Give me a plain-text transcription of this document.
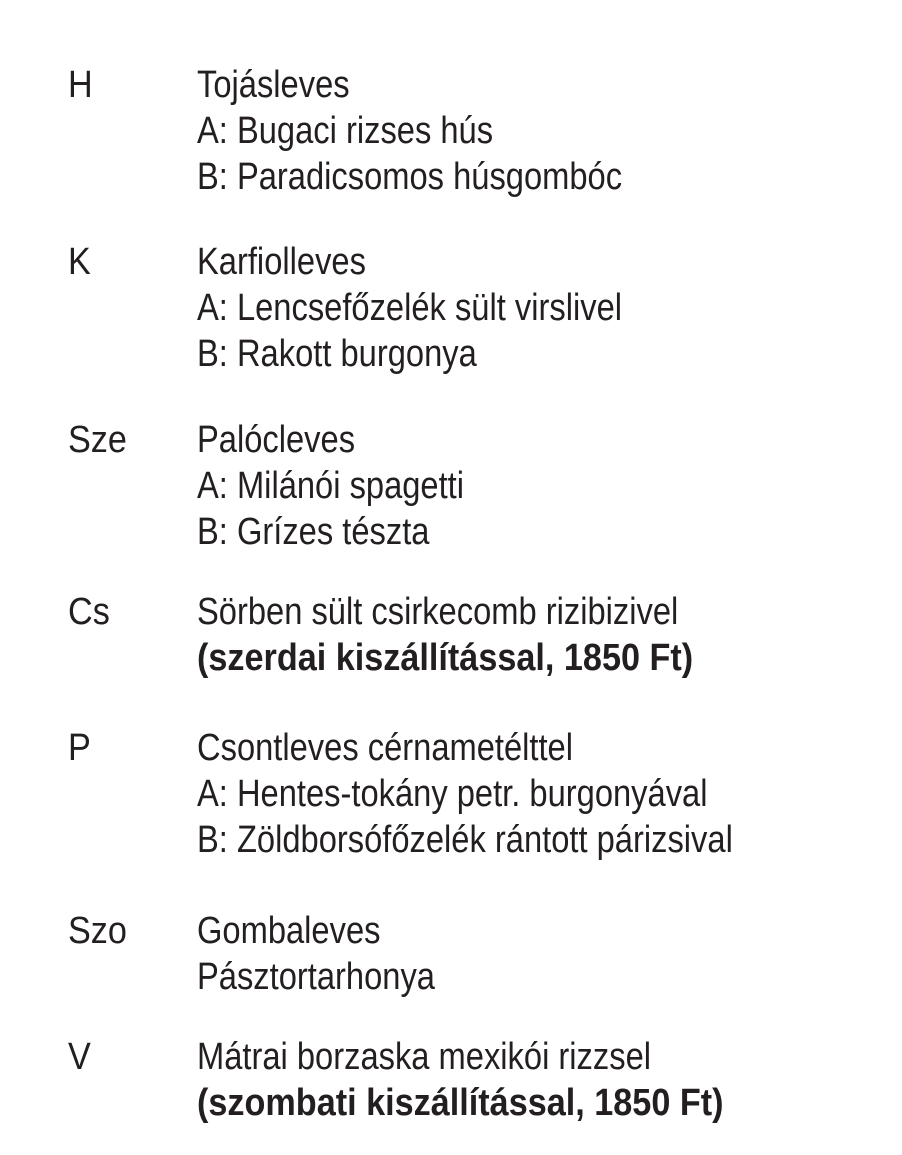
H	Tojásleves
A: Bugaci rizses hús
B: Paradicsomos húsgombóc
K	Karfiolleves
A: Lencsefőzelék sült virslivel
B: Rakott burgonya
Sze Palócleves
A: Milánói spagetti
B: Grízes tészta
Cs Sörben sült csirkecomb rizibizivel
(szerdai kiszállítással, 1850 Ft)
P	Csontleves cérnametélttel
A: Hentes-tokány petr. burgonyával
B: Zöldborsófőzelék rántott párizsival
Szo Gombaleves
Pásztortarhonya
V	Mátrai borzaska mexikói rizzsel
(szombati kiszállítással, 1850 Ft)
